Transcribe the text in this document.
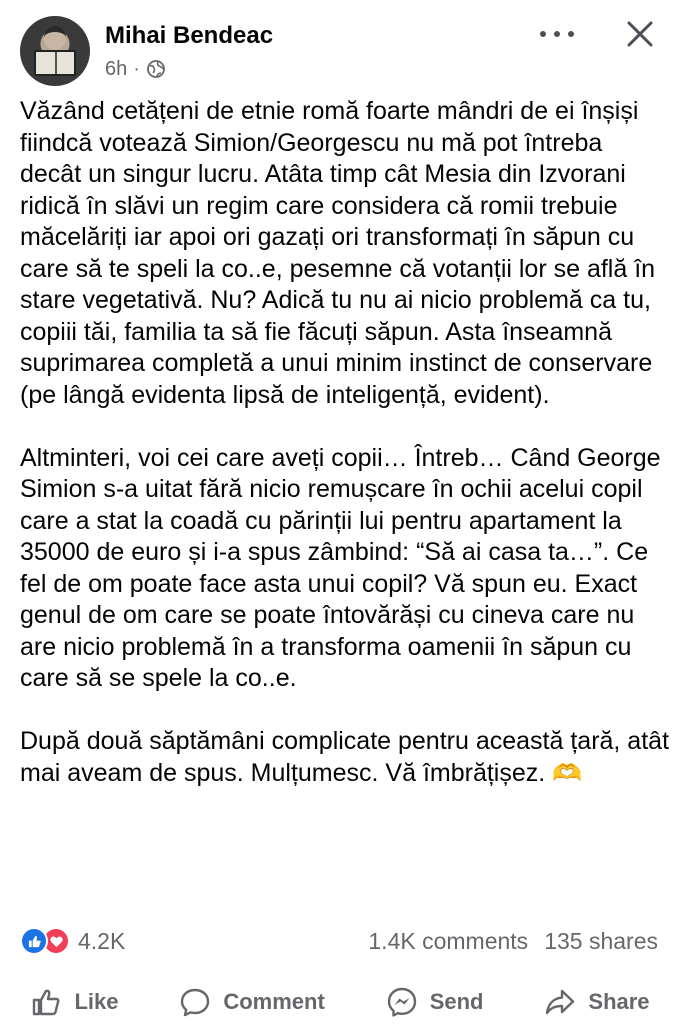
Mihai Bendeac
6h ·

Văzând cetățeni de etnie romă foarte mândri de ei înșiși fiindcă votează Simion/Georgescu nu mă pot întreba decât un singur lucru. Atâta timp cât Mesia din Izvorani ridică în slăvi un regim care considera că romii trebuie măcelăriți iar apoi ori gazați ori transformați în săpun cu care să te speli la co..e, pesemne că votanții lor se află în stare vegetativă. Nu? Adică tu nu ai nicio problemă ca tu, copiii tăi, familia ta să fie făcuți săpun. Asta înseamnă suprimarea completă a unui minim instinct de conservare (pe lângă evidenta lipsă de inteligență, evident).

Altminteri, voi cei care aveți copii… Întreb… Când George Simion s-a uitat fără nicio remușcare în ochii acelui copil care a stat la coadă cu părinții lui pentru apartament la 35000 de euro și i-a spus zâmbind: “Să ai casa ta…”. Ce fel de om poate face asta unui copil? Vă spun eu. Exact genul de om care se poate întovărăși cu cineva care nu are nicio problemă în a transforma oamenii în săpun cu care să se spele la co..e.

După două săptămâni complicate pentru această țară, atât mai aveam de spus. Mulțumesc. Vă îmbrățișez. 🫶

4.2K	1.4K comments 135 shares
Like	Comment	Send	Share
